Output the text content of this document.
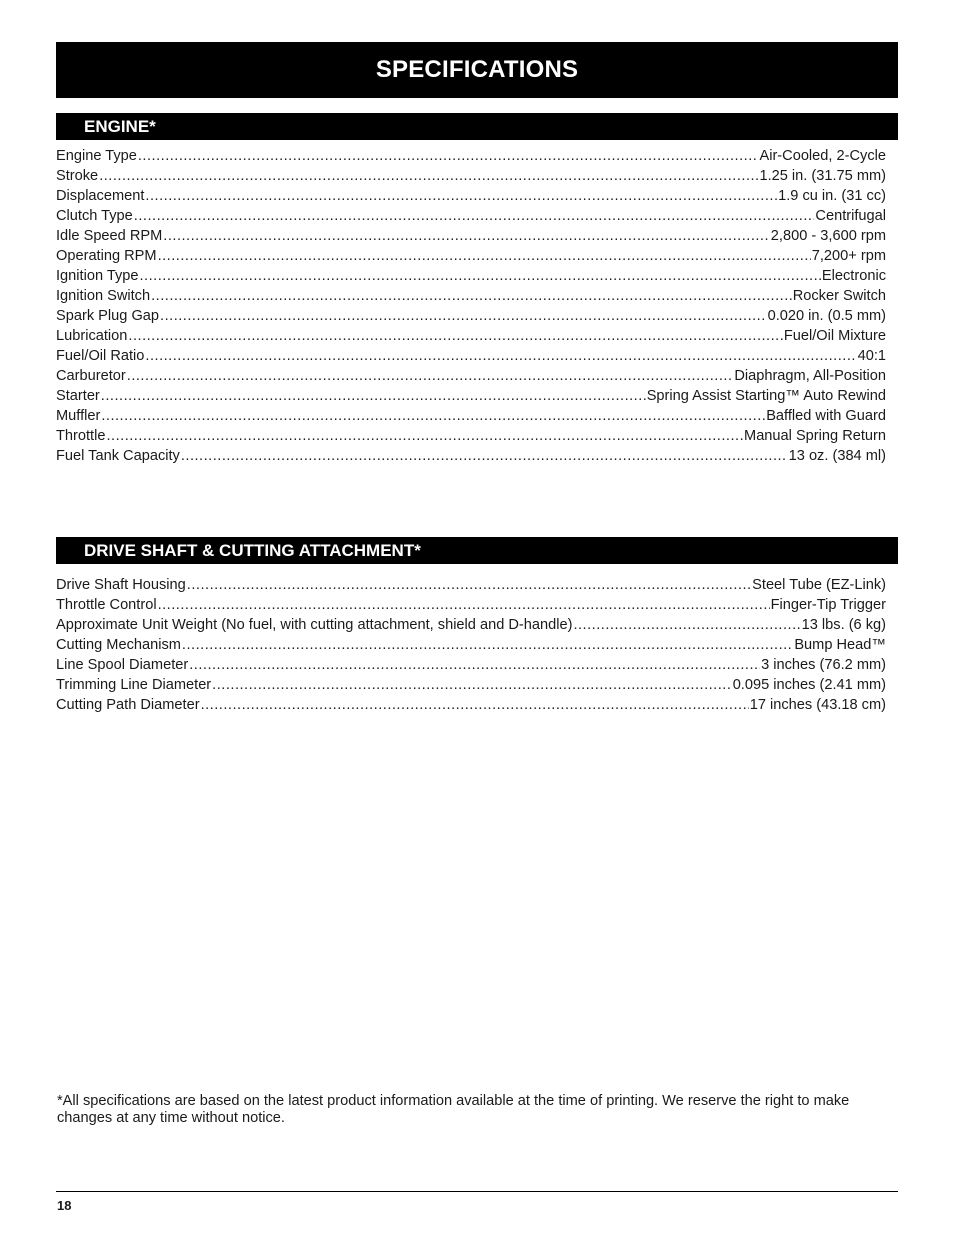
SPECIFICATIONS
ENGINE*
Engine Type .....	Air-Cooled, 2-Cycle
Stroke .....	1.25 in. (31.75 mm)
Displacement .....	1.9 cu in. (31 cc)
Clutch Type .....	Centrifugal
Idle Speed RPM .....	2,800 - 3,600 rpm
Operating RPM .....	7,200+ rpm
Ignition Type .....	Electronic
Ignition Switch .....	Rocker Switch
Spark Plug Gap .....	0.020 in. (0.5 mm)
Lubrication .....	Fuel/Oil Mixture
Fuel/Oil Ratio .....	40:1
Carburetor .....	Diaphragm, All-Position
Starter .....	Spring Assist Starting™ Auto Rewind
Muffler .....	Baffled with Guard
Throttle .....	Manual Spring Return
Fuel Tank Capacity .....	13 oz. (384 ml)
DRIVE SHAFT & CUTTING ATTACHMENT*
Drive Shaft Housing .....	Steel Tube (EZ-Link)
Throttle Control .....	Finger-Tip Trigger
Approximate Unit Weight (No fuel, with cutting attachment, shield and D-handle) .....	13 lbs. (6 kg)
Cutting Mechanism .....	Bump Head™
Line Spool Diameter .....	3 inches (76.2 mm)
Trimming Line Diameter .....	0.095 inches (2.41 mm)
Cutting Path Diameter .....	17 inches (43.18 cm)
*All specifications are based on the latest product information available at the time of printing. We reserve the right to make changes at any time without notice.
18
